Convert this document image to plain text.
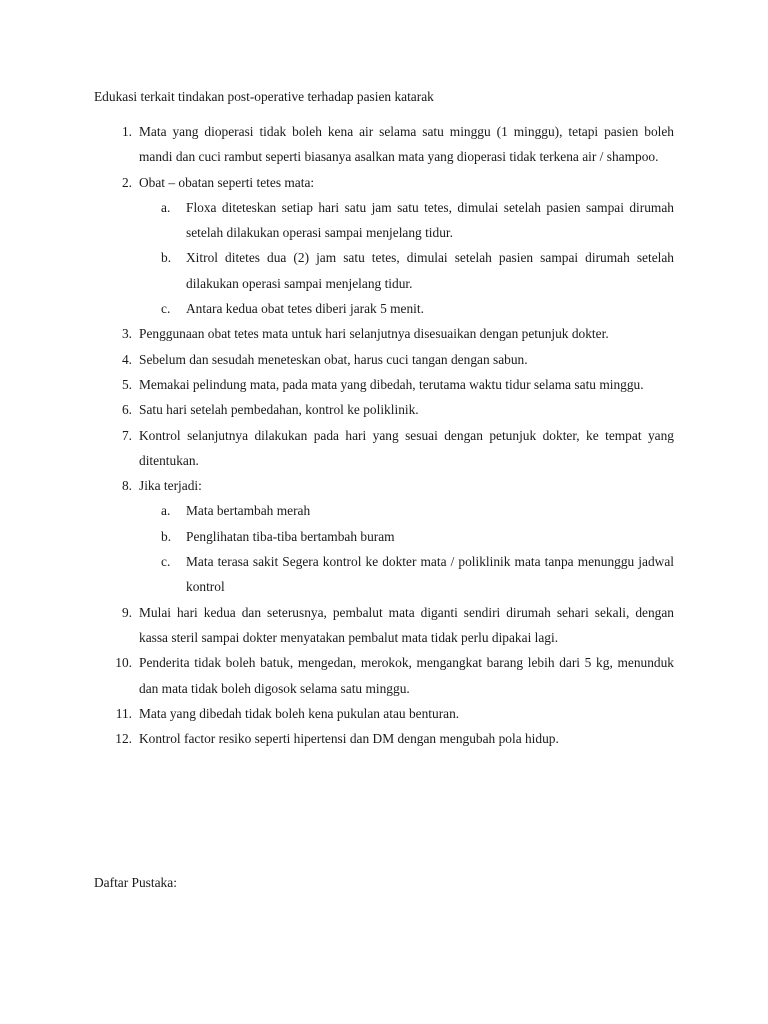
Edukasi terkait tindakan post-operative terhadap pasien katarak
1. Mata yang dioperasi tidak boleh kena air selama satu minggu (1 minggu), tetapi pasien boleh mandi dan cuci rambut seperti biasanya asalkan mata yang dioperasi tidak terkena air / shampoo.
2. Obat – obatan seperti tetes mata:
a.	Floxa diteteskan setiap hari satu jam satu tetes, dimulai setelah pasien sampai dirumah setelah dilakukan operasi sampai menjelang tidur.
b.	Xitrol ditetes dua (2) jam satu tetes, dimulai setelah pasien sampai dirumah setelah dilakukan operasi sampai menjelang tidur.
c.	Antara kedua obat tetes diberi jarak 5 menit.
3. Penggunaan obat tetes mata untuk hari selanjutnya disesuaikan dengan petunjuk dokter.
4. Sebelum dan sesudah meneteskan obat, harus cuci tangan dengan sabun.
5. Memakai pelindung mata, pada mata yang dibedah, terutama waktu tidur selama satu minggu.
6. Satu hari setelah pembedahan, kontrol ke poliklinik.
7. Kontrol selanjutnya dilakukan pada hari yang sesuai dengan petunjuk dokter, ke tempat yang ditentukan.
8. Jika terjadi:
a.	Mata bertambah merah
b.	Penglihatan tiba-tiba bertambah buram
c.	Mata terasa sakit Segera kontrol ke dokter mata / poliklinik mata tanpa menunggu jadwal kontrol
9. Mulai hari kedua dan seterusnya, pembalut mata diganti sendiri dirumah sehari sekali, dengan kassa steril sampai dokter menyatakan pembalut mata tidak perlu dipakai lagi.
10. Penderita tidak boleh batuk, mengedan, merokok, mengangkat barang lebih dari 5 kg, menunduk dan mata tidak boleh digosok selama satu minggu.
11. Mata yang dibedah tidak boleh kena pukulan atau benturan.
12. Kontrol factor resiko seperti hipertensi dan DM dengan mengubah pola hidup.
Daftar Pustaka:
